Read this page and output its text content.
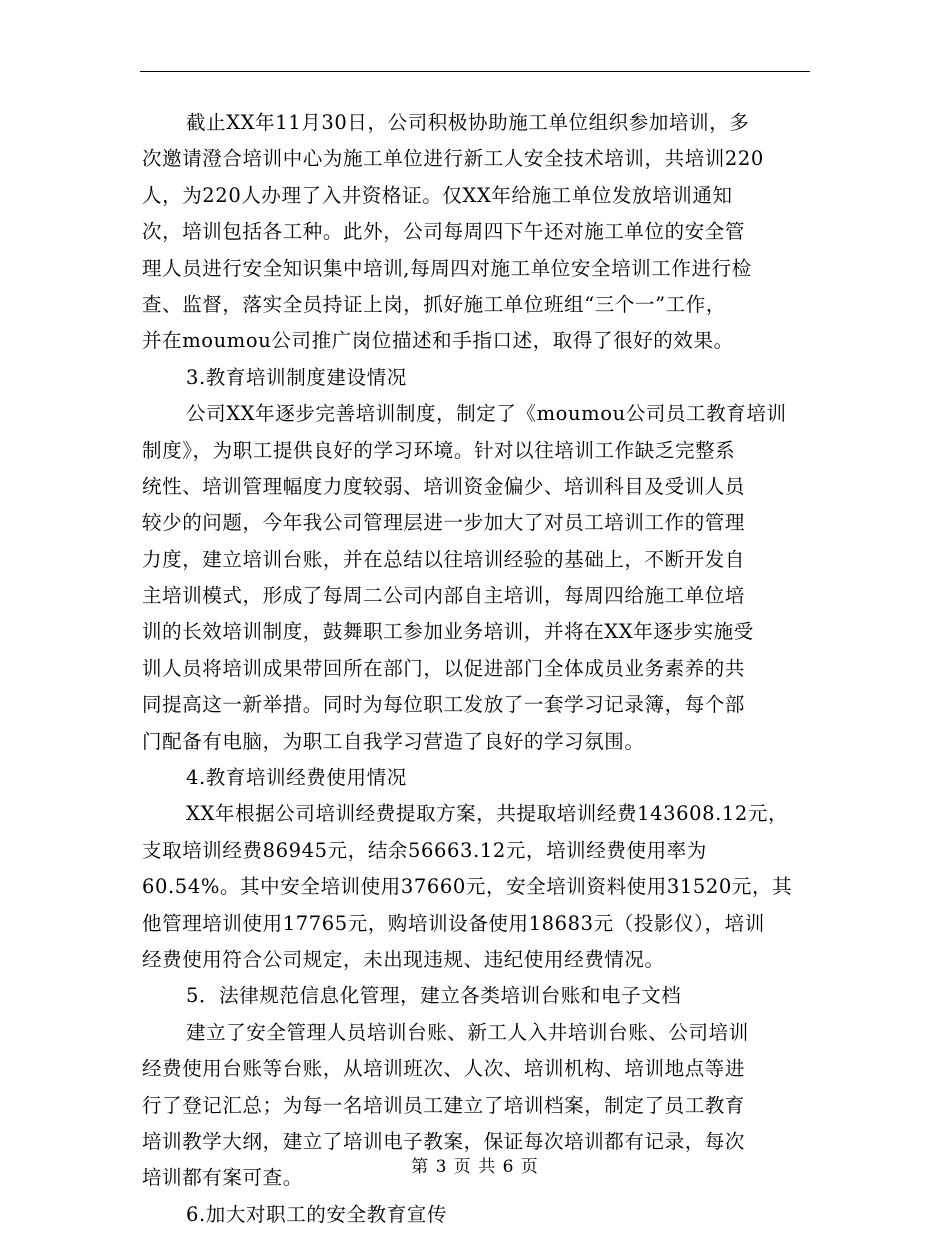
截止XX年11月30日，公司积极协助施工单位组织参加培训，多
次邀请澄合培训中心为施工单位进行新工人安全技术培训，共培训220
人，为220人办理了入井资格证。仅XX年给施工单位发放培训通知
次，培训包括各工种。此外，公司每周四下午还对施工单位的安全管
理人员进行安全知识集中培训,每周四对施工单位安全培训工作进行检
查、监督，落实全员持证上岗，抓好施工单位班组“三个一”工作，
并在moumou公司推广岗位描述和手指口述，取得了很好的效果。
3.教育培训制度建设情况
公司XX年逐步完善培训制度，制定了《moumou公司员工教育培训
制度》，为职工提供良好的学习环境。针对以往培训工作缺乏完整系
统性、培训管理幅度力度较弱、培训资金偏少、培训科目及受训人员
较少的问题，今年我公司管理层进一步加大了对员工培训工作的管理
力度，建立培训台账，并在总结以往培训经验的基础上，不断开发自
主培训模式，形成了每周二公司内部自主培训，每周四给施工单位培
训的长效培训制度，鼓舞职工参加业务培训，并将在XX年逐步实施受
训人员将培训成果带回所在部门，以促进部门全体成员业务素养的共
同提高这一新举措。同时为每位职工发放了一套学习记录簿，每个部
门配备有电脑，为职工自我学习营造了良好的学习氛围。
4.教育培训经费使用情况
XX年根据公司培训经费提取方案，共提取培训经费143608.12元，
支取培训经费86945元，结余56663.12元，培训经费使用率为
60.54%。其中安全培训使用37660元，安全培训资料使用31520元，其
他管理培训使用17765元，购培训设备使用18683元（投影仪），培训
经费使用符合公司规定，未出现违规、违纪使用经费情况。
5．法律规范信息化管理，建立各类培训台账和电子文档
建立了安全管理人员培训台账、新工人入井培训台账、公司培训
经费使用台账等台账，从培训班次、人次、培训机构、培训地点等进
行了登记汇总；为每一名培训员工建立了培训档案，制定了员工教育
培训教学大纲，建立了培训电子教案，保证每次培训都有记录，每次
培训都有案可查。
6.加大对职工的安全教育宣传
第 3 页 共 6 页
